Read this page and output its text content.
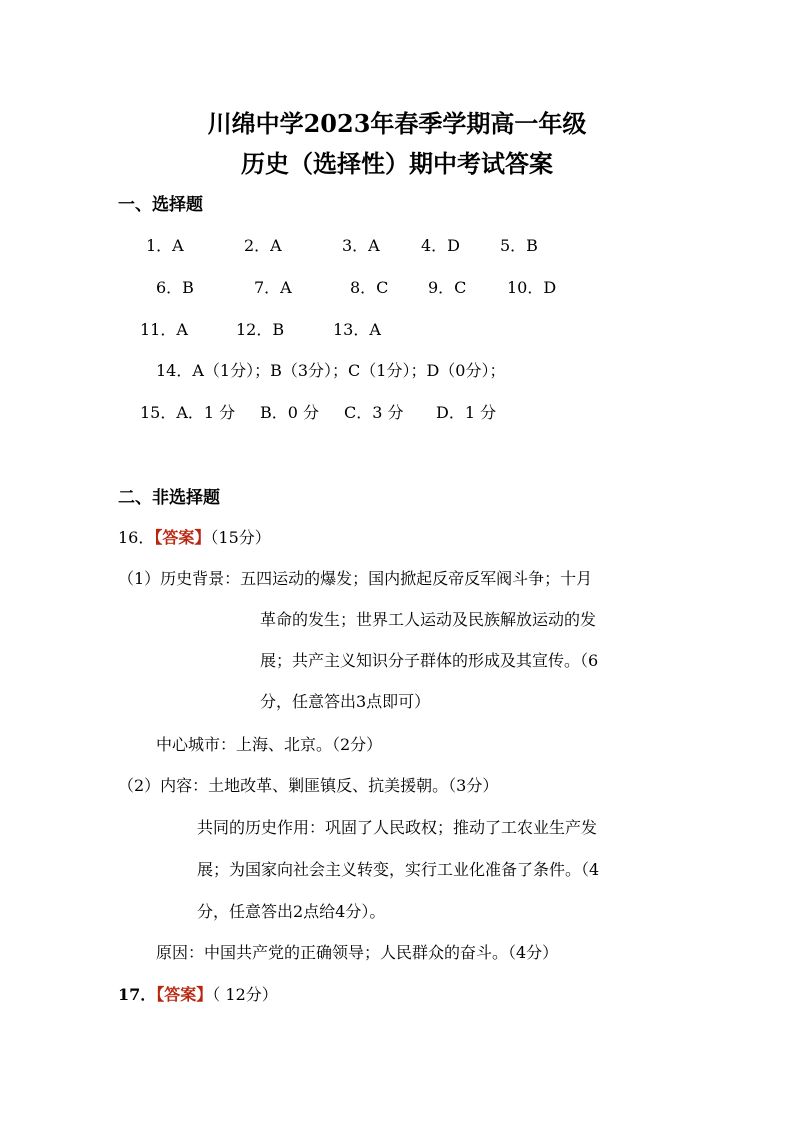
川绵中学2023年春季学期高一年级
历史（选择性）期中考试答案
一、选择题
1．A	2．A	3．A	4．D 5．B
6．B	7．A	8．C 9．C	10．D
11．A	12．B	13．A
14．A（1分）；B（3分）；C（1分）；D（0分）；
15．A．1 分 B．0 分 C．3 分 D．1 分
二、非选择题
16．【答案】（15分）
（1）历史背景：五四运动的爆发；国内掀起反帝反军阀斗争；十月
革命的发生；世界工人运动及民族解放运动的发
展；共产主义知识分子群体的形成及其宣传。（6
分，任意答出3点即可）
中心城市：上海、北京。（2分）
（2）内容：土地改革、剿匪镇反、抗美援朝。（3分）
共同的历史作用：巩固了人民政权；推动了工农业生产发
展；为国家向社会主义转变，实行工业化准备了条件。（4
分，任意答出2点给4分）。
原因：中国共产党的正确领导；人民群众的奋斗。（4分）
17．【答案】（ 12分）
